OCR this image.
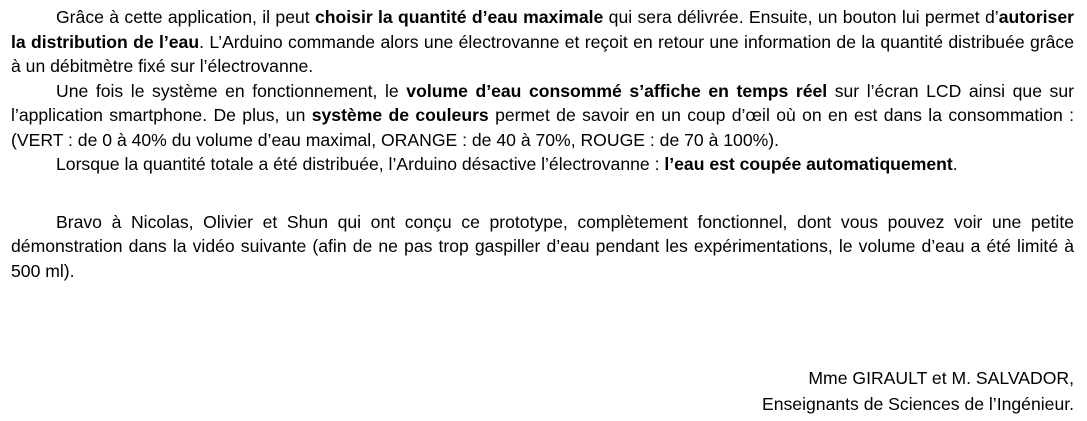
Grâce à cette application, il peut choisir la quantité d’eau maximale qui sera délivrée. Ensuite, un bouton lui permet d’autoriser la distribution de l’eau. L’Arduino commande alors une électrovanne et reçoit en retour une information de la quantité distribuée grâce à un débitmètre fixé sur l’électrovanne.

Une fois le système en fonctionnement, le volume d’eau consommé s’affiche en temps réel sur l’écran LCD ainsi que sur l’application smartphone. De plus, un système de couleurs permet de savoir en un coup d’œil où on en est dans la consommation : (VERT : de 0 à 40% du volume d’eau maximal, ORANGE : de 40 à 70%, ROUGE : de 70 à 100%).

Lorsque la quantité totale a été distribuée, l’Arduino désactive l’électrovanne : l’eau est coupée automatiquement.

Bravo à Nicolas, Olivier et Shun qui ont conçu ce prototype, complètement fonctionnel, dont vous pouvez voir une petite démonstration dans la vidéo suivante (afin de ne pas trop gaspiller d’eau pendant les expérimentations, le volume d’eau a été limité à 500 ml).

Mme GIRAULT et M. SALVADOR,
Enseignants de Sciences de l’Ingénieur.
